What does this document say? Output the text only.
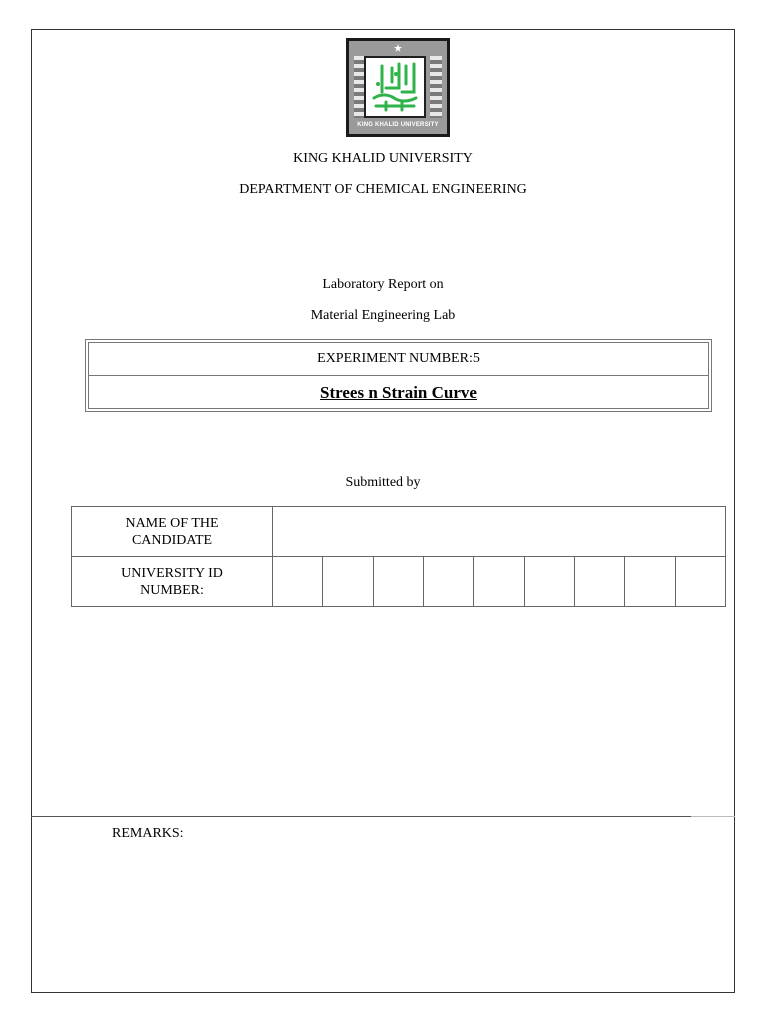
KING KHALID UNIVERSITY
KING KHALID UNIVERSITY
DEPARTMENT OF CHEMICAL ENGINEERING
Laboratory Report on
Material Engineering Lab
EXPERIMENT NUMBER:5
Strees n Strain Curve
Submitted by
NAME OF THE
CANDIDATE									

UNIVERSITY ID
NUMBER:									

REMARKS:
